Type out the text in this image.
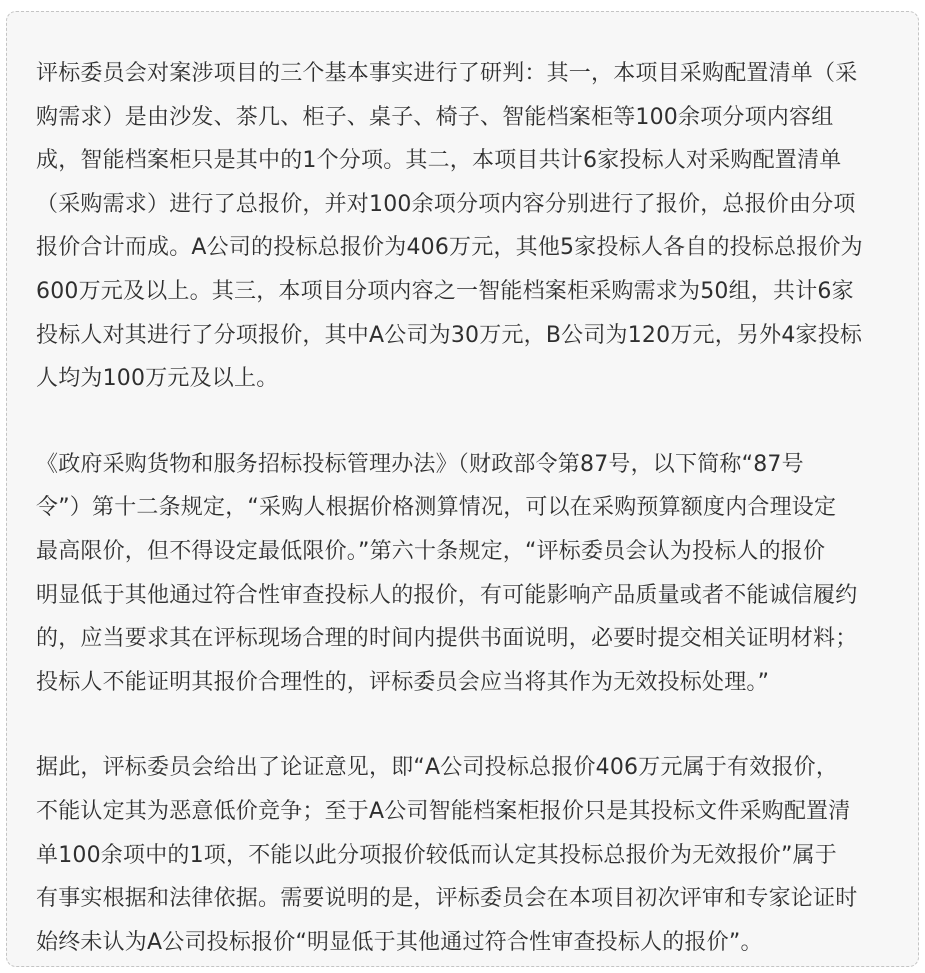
评标委员会对案涉项目的三个基本事实进行了研判：其一，本项目采购配置清单（采
购需求）是由沙发、茶几、柜子、桌子、椅子、智能档案柜等100余项分项内容组
成，智能档案柜只是其中的1个分项。其二，本项目共计6家投标人对采购配置清单
（采购需求）进行了总报价，并对100余项分项内容分别进行了报价，总报价由分项
报价合计而成。A公司的投标总报价为406万元，其他5家投标人各自的投标总报价为
600万元及以上。其三，本项目分项内容之一智能档案柜采购需求为50组，共计6家
投标人对其进行了分项报价，其中A公司为30万元，B公司为120万元，另外4家投标
人均为100万元及以上。
《政府采购货物和服务招标投标管理办法》（财政部令第87号，以下简称“87号
令”）第十二条规定，“采购人根据价格测算情况，可以在采购预算额度内合理设定
最高限价，但不得设定最低限价。”第六十条规定，“评标委员会认为投标人的报价
明显低于其他通过符合性审查投标人的报价，有可能影响产品质量或者不能诚信履约
的，应当要求其在评标现场合理的时间内提供书面说明，必要时提交相关证明材料；
投标人不能证明其报价合理性的，评标委员会应当将其作为无效投标处理。”
据此，评标委员会给出了论证意见，即“A公司投标总报价406万元属于有效报价，
不能认定其为恶意低价竞争；至于A公司智能档案柜报价只是其投标文件采购配置清
单100余项中的1项，不能以此分项报价较低而认定其投标总报价为无效报价”属于
有事实根据和法律依据。需要说明的是，评标委员会在本项目初次评审和专家论证时
始终未认为A公司投标报价“明显低于其他通过符合性审查投标人的报价”。
